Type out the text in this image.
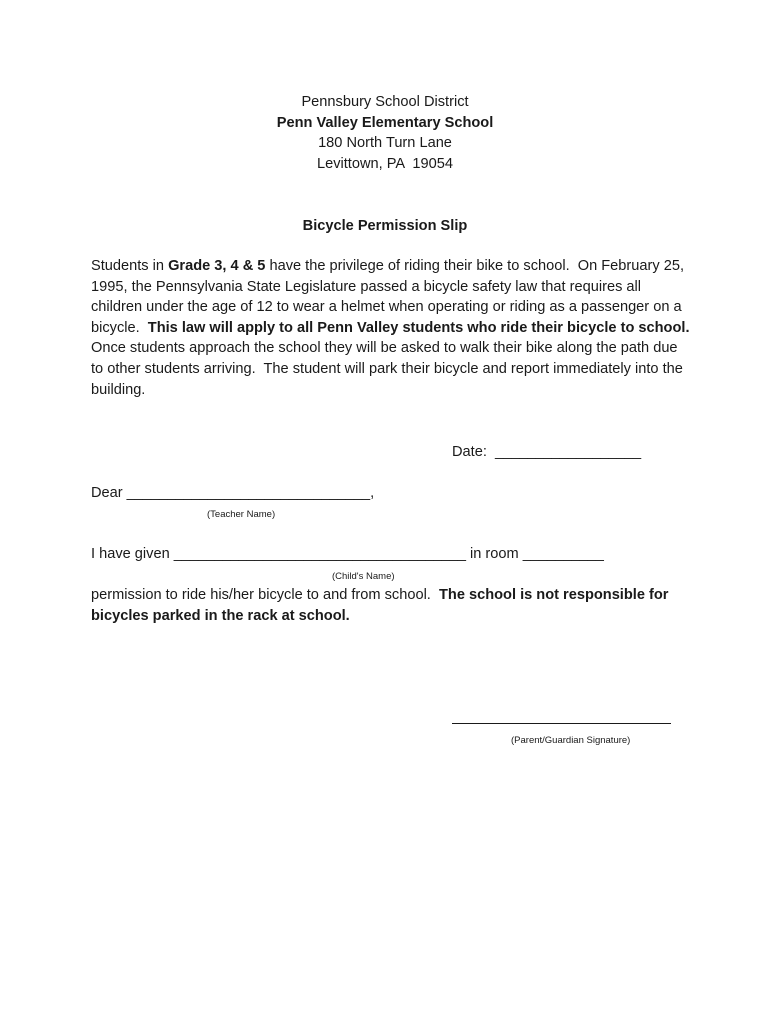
Pennsbury School District
Penn Valley Elementary School
180 North Turn Lane
Levittown, PA  19054
Bicycle Permission Slip
Students in Grade 3, 4 & 5 have the privilege of riding their bike to school.  On February 25, 1995, the Pennsylvania State Legislature passed a bicycle safety law that requires all children under the age of 12 to wear a helmet when operating or riding as a passenger on a bicycle.  This law will apply to all Penn Valley students who ride their bicycle to school. Once students approach the school they will be asked to walk their bike along the path due to other students arriving.  The student will park their bicycle and report immediately into the building.
Date:  __________________
Dear ______________________________,
(Teacher Name)
I have given ____________________________________ in room __________
(Child's Name)
permission to ride his/her bicycle to and from school.  The school is not responsible for bicycles parked in the rack at school.
(Parent/Guardian Signature)
